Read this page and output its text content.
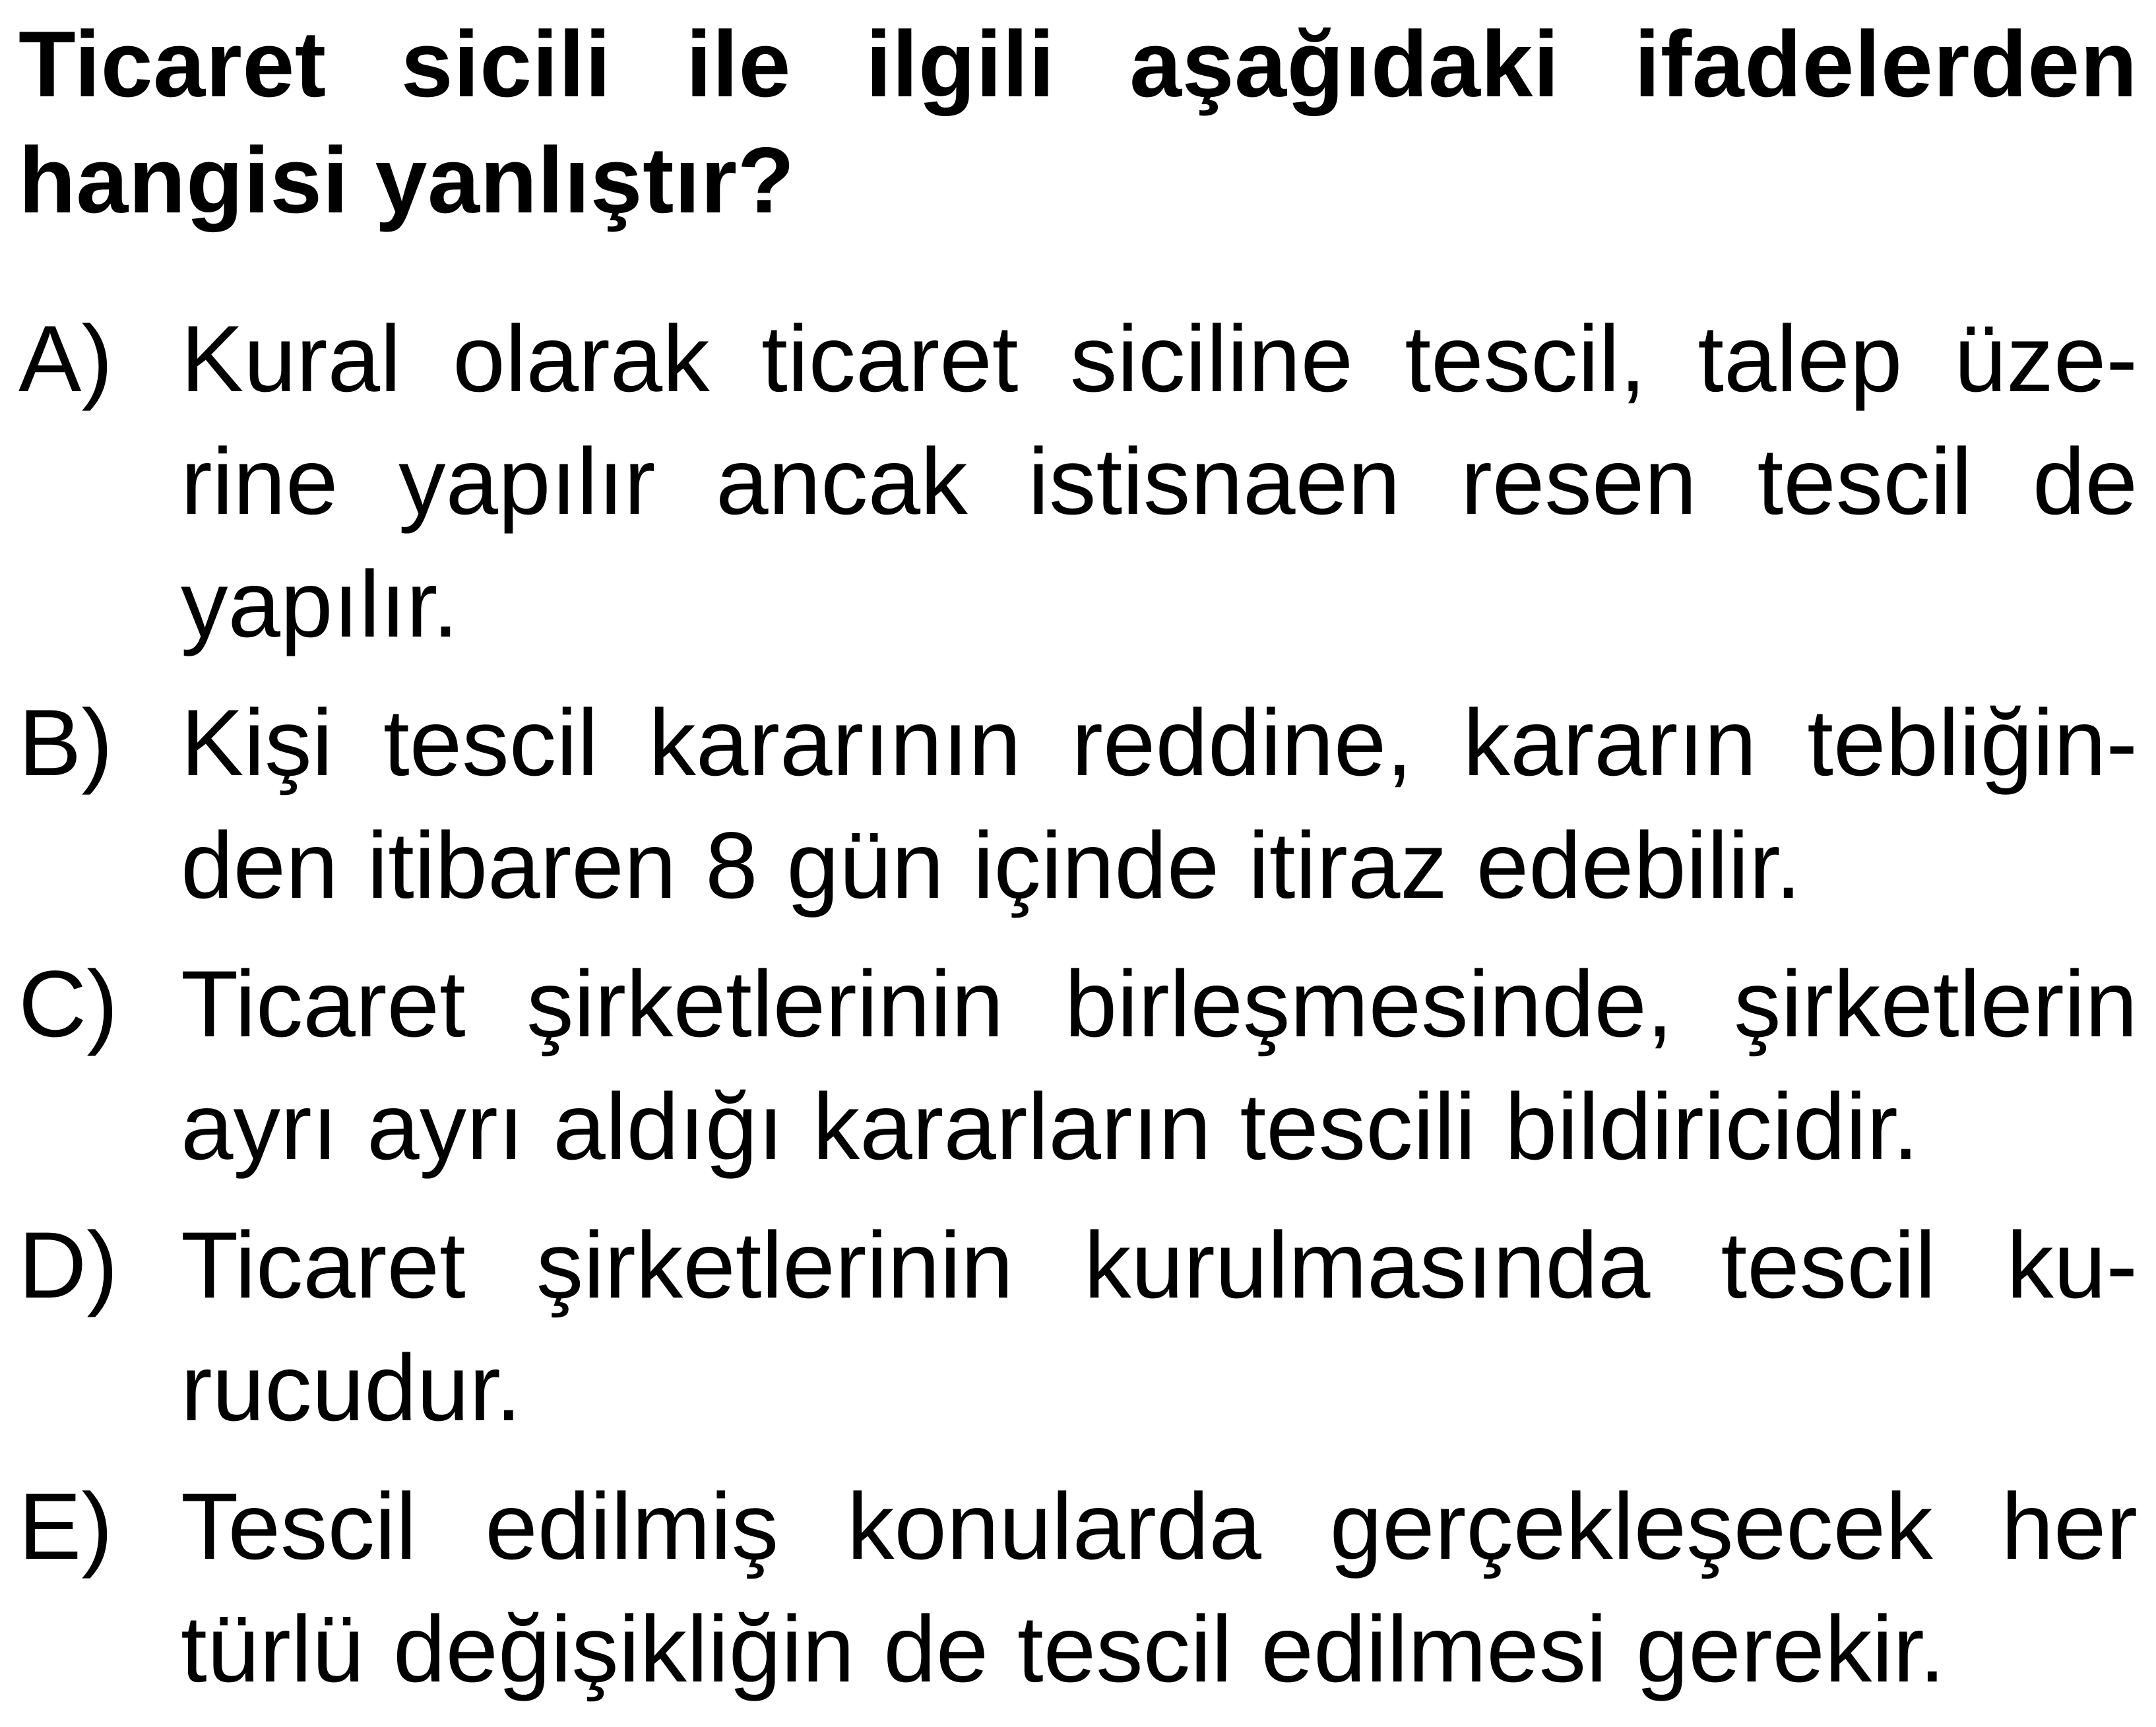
Ticaret sicili ile ilgili aşağıdaki ifadelerden hangisi yanlıştır?
A) Kural olarak ticaret siciline tescil, talep üze-rine yapılır ancak istisnaen resen tescil de yapılır.
B) Kişi tescil kararının reddine, kararın tebliğin-den itibaren 8 gün içinde itiraz edebilir.
C) Ticaret şirketlerinin birleşmesinde, şirketlerin ayrı ayrı aldığı kararların tescili bildiricidir.
D) Ticaret şirketlerinin kurulmasında tescil ku-rucudur.
E) Tescil edilmiş konularda gerçekleşecek her türlü değişikliğin de tescil edilmesi gerekir.
